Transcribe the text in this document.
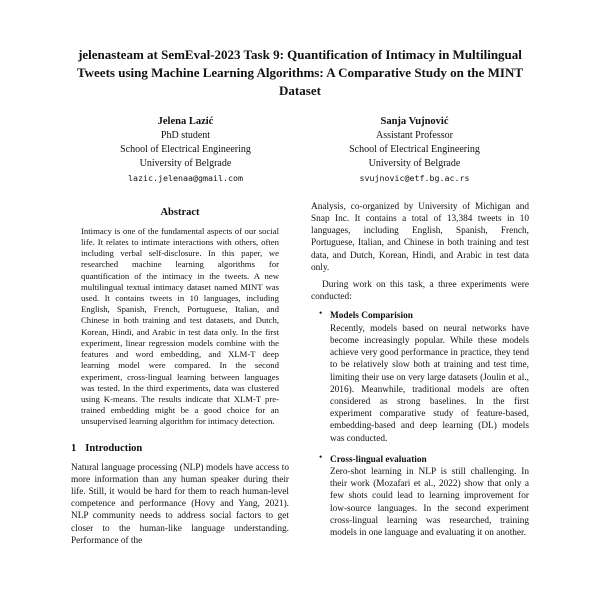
jelenasteam at SemEval-2023 Task 9: Quantification of Intimacy in Multilingual Tweets using Machine Learning Algorithms: A Comparative Study on the MINT Dataset
Jelena Lazić
PhD student
School of Electrical Engineering
University of Belgrade
lazic.jelenaa@gmail.com
Sanja Vujnović
Assistant Professor
School of Electrical Engineering
University of Belgrade
svujnovic@etf.bg.ac.rs
Abstract

Intimacy is one of the fundamental aspects of our social life. It relates to intimate interactions with others, often including verbal self-disclosure. In this paper, we researched machine learning algorithms for quantification of the intimacy in the tweets. A new multilingual textual intimacy dataset named MINT was used. It contains tweets in 10 languages, including English, Spanish, French, Portuguese, Italian, and Chinese in both training and test datasets, and Dutch, Korean, Hindi, and Arabic in test data only. In the first experiment, linear regression models combine with the features and word embedding, and XLM-T deep learning model were compared. In the second experiment, cross-lingual learning between languages was tested. In the third experiments, data was clustered using K-means. The results indicate that XLM-T pre-trained embedding might be a good choice for an unsupervised learning algorithm for intimacy detection.

1 Introduction

Natural language processing (NLP) models have access to more information than any human speaker during their life. Still, it would be hard for them to reach human-level competence and performance (Hovy and Yang, 2021). NLP community needs to address social factors to get closer to the human-like language understanding. Performance of the

Analysis, co-organized by University of Michigan and Snap Inc. It contains a total of 13,384 tweets in 10 languages, including English, Spanish, French, Portuguese, Italian, and Chinese in both training and test data, and Dutch, Korean, Hindi, and Arabic in test data only.

During work on this task, a three experiments were conducted:

• Models Comparision

Recently, models based on neural networks have become increasingly popular. While these models achieve very good performance in practice, they tend to be relatively slow both at training and test time, limiting their use on very large datasets (Joulin et al., 2016). Meanwhile, traditional models are often considered as strong baselines. In the first experiment comparative study of feature-based, embedding-based and deep learning (DL) models was conducted.

• Cross-lingual evaluation

Zero-shot learning in NLP is still challenging. In their work (Mozafari et al., 2022) show that only a few shots could lead to learning improvement for low-source languages. In the second experiment cross-lingual learning was researched, training models in one language and evaluating it on another.
